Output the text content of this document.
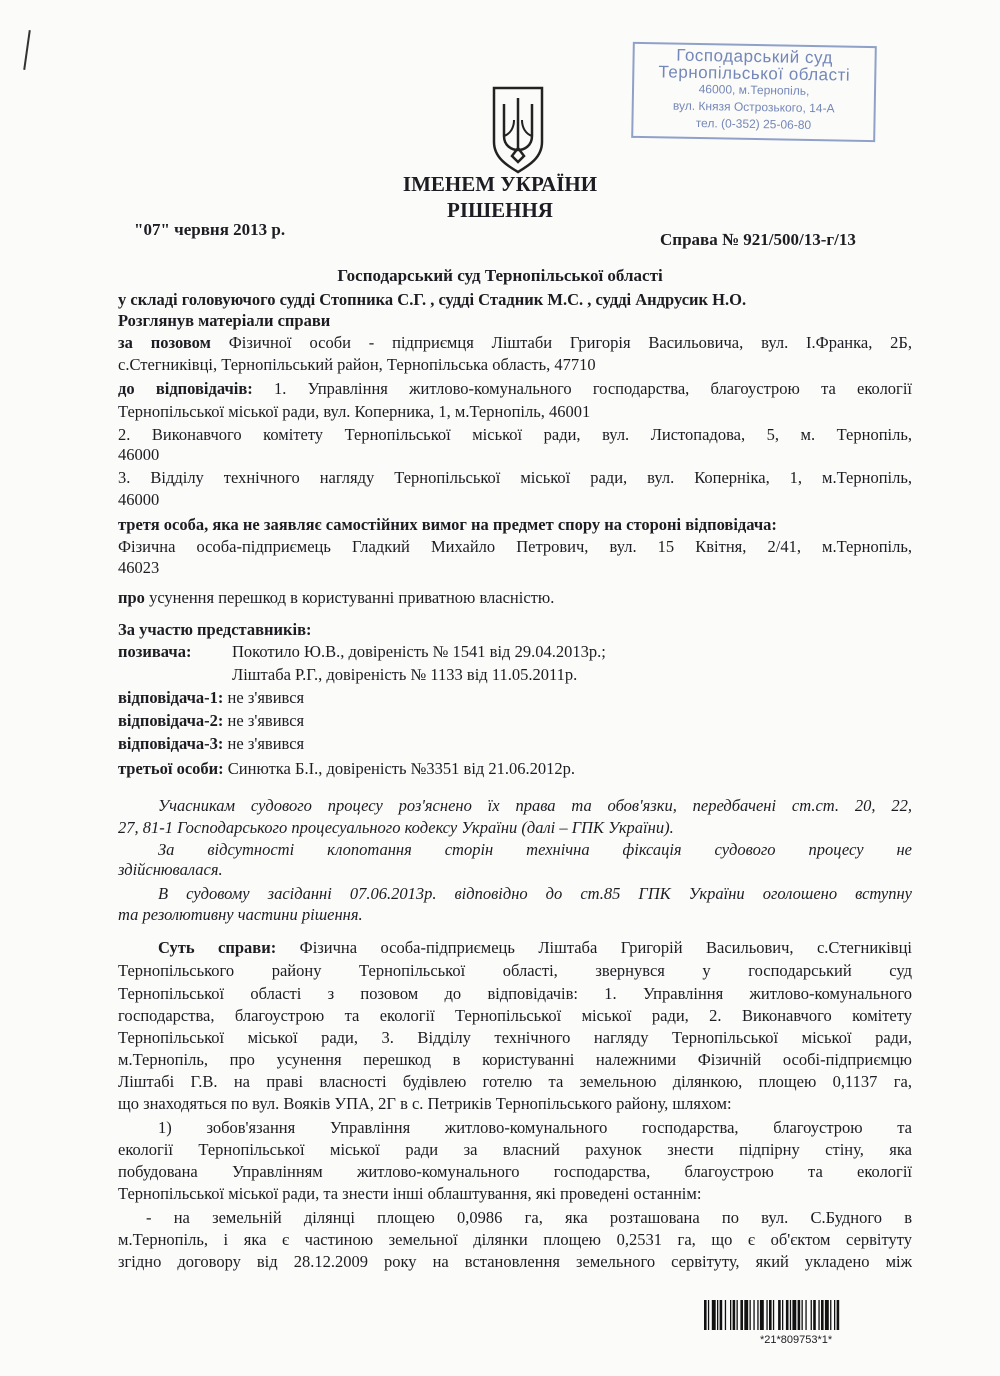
Господарський суд
Тернопільської області
46000, м.Тернопіль,
вул. Князя Острозького, 14-А
тел. (0-352) 25-06-80
ІМЕНЕМ УКРАЇНИ
РІШЕННЯ
"07" червня 2013 р.
Справа № 921/500/13-г/13
Господарський суд Тернопільської області
у складі головуючого судді Стопника С.Г. , судді Стадник М.С. , судді Андрусик Н.О.
Розглянув матеріали справи
за позовом Фізичної особи - підприємця Ліштаби Григорія Васильовича, вул. І.Франка, 2Б,
с.Стегниківці, Тернопільський район, Тернопільська область, 47710
до відповідачів: 1. Управління житлово-комунального господарства, благоустрою та екології
Тернопільської міської ради, вул. Коперника, 1, м.Тернопіль, 46001
2. Виконавчого комітету Тернопільської міської ради, вул. Листопадова, 5, м. Тернопіль,
46000
3. Відділу технічного нагляду Тернопільської міської ради, вул. Коперніка, 1, м.Тернопіль,
46000
третя особа, яка не заявляє самостійних вимог на предмет спору на стороні відповідача:
Фізична особа-підприємець Гладкий Михайло Петрович, вул. 15 Квітня, 2/41, м.Тернопіль,
46023
про усунення перешкод в користуванні приватною власністю.
За участю представників:
позивача: Покотило Ю.В., довіреність № 1541 від 29.04.2013р.;
Ліштаба Р.Г., довіреність № 1133 від 11.05.2011р.
відповідача-1: не з'явився
відповідача-2: не з'явився
відповідача-3: не з'явився
третьої особи: Синютка Б.І., довіреність №3351 від 21.06.2012р.
Учасникам судового процесу роз'яснено їх права та обов'язки, передбачені ст.ст. 20, 22,
27, 81-1 Господарського процесуального кодексу України (далі – ГПК України).
За відсутності клопотання сторін технічна фіксація судового процесу не
здійснювалася.
В судовому засіданні 07.06.2013р. відповідно до ст.85 ГПК України оголошено вступну
та резолютивну частини рішення.
Суть справи: Фізична особа-підприємець Ліштаба Григорій Васильович, с.Стегниківці
Тернопільського району Тернопільської області, звернувся у господарський суд
Тернопільської області з позовом до відповідачів: 1. Управління житлово-комунального
господарства, благоустрою та екології Тернопільської міської ради, 2. Виконавчого комітету
Тернопільської міської ради, 3. Відділу технічного нагляду Тернопільської міської ради,
м.Тернопіль, про усунення перешкод в користуванні належними Фізичній особі-підприємцю
Ліштабі Г.В. на праві власності будівлею готелю та земельною ділянкою, площею 0,1137 га,
що знаходяться по вул. Вояків УПА, 2Г в с. Петриків Тернопільського району, шляхом:
1) зобов'язання Управління житлово-комунального господарства, благоустрою та
екології Тернопільської міської ради за власний рахунок знести підпірну стіну, яка
побудована Управлінням житлово-комунального господарства, благоустрою та екології
Тернопільської міської ради, та знести інші облаштування, які проведені останнім:
- на земельній ділянці площею 0,0986 га, яка розташована по вул. С.Будного в
м.Тернопіль, і яка є частиною земельної ділянки площею 0,2531 га, що є об'єктом сервітуту
згідно договору від 28.12.2009 року на встановлення земельного сервітуту, який укладено між
*21*809753*1*
